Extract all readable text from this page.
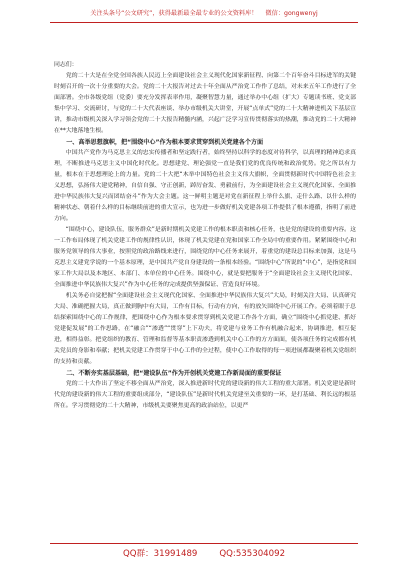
关注头条号“公文研究”，获得最新最全最专业的公文资料库！ 微信：gongwenyj

同志们：

党的二十大是在全党全国各族人民迈上全面建设社会主义现代化国家新征程、向第二个百年奋斗目标进军的关键时刻召开的一次十分重要的大会。党的二十大报告对过去十年全面从严治党工作作了总结，对未来五年工作进行了全面部署。全市各级党组（党委）要充分发挥表率作用，凝聚智慧力量，通过举办中心组（扩大）专题读书班、党支部集中学习、交流研讨，与党的二十大代表座谈、举办市级机关大讲堂，开展“点单式”党的二十大精神进机关下基层宣讲，推动市级机关深入学习领会党的二十大报告精髓内涵，兴起广泛学习宣传贯彻落实的热潮，推动党的二十大精神在**大地落地生根。

一、高举思想旗帜，把“围绕中心”作为根本要求贯穿到机关党建各个方面

中国共产党作为马克思主义的忠实传播者和坚定践行者，始终坚持以科学的态度对待科学，以真理的精神追求真理，不断推进马克思主义中国化时代化。思想建党、理论强党一直是我们党的优良传统和政治优势。党之所以有力量，根本在于思想理论上的力量。党的二十大把“木举中国特色社会主义伟大旗帜，全面贯彻新时代中国特色社会主义思想，弘扬伟大建党精神，自信自强、守正创新，踔厉奋发、勇毅前行，为全面建设社会主义现代化国家、全面推进中华民族伟大复兴而团结奋斗”作为大会主题。这一鲜明主题是对党在新征程上举什么旗、走什么路、以什么样的精神状态、朝着什么样的目标继续前进的重大宣示，也为进一步做好机关党建各项工作提供了根本遵循，指明了前进方向。

“围绕中心，建设队伍，服务群众”是新时期机关党建工作的根本职责和核心任务，也是党的建设的重要内容。这一工作布局体现了机关党建工作的规律性认识，体现了机关党建在党和国家工作全局中的重要作用。紧紧围绕中心和服务党领导的伟大事业，按照党的政治路线来进行，围绕党的中心任务来展开，着重党的建设总目标来加强，这是马克思主义建党学说的一个基本原理，是中国共产党自身建设的一条根本经验。“围绕中心”所说的“中心”，是指党和国家工作大局以及本地区、本部门、本单位的中心任务。围绕中心，就是要把服务于“全面建设社会主义现代化国家、全面推进中华民族伟大复兴”作为中心任务的完成提供坚强保证、营造良好环境。

机关务必自觉把握“全面建设社会主义现代化国家、全面推进中华民族伟大复兴”大局，时刻关注大局、认真研究大局、准确把握大局，真正做到胸中有大局，工作有目标，行动有方向，有的放矢围绕中心开展工作。必须着眼于总结探索围绕中心的工作规律，把围绕中心作为根本要求贯穿到机关党建工作各个方面，确立“围绕中心抓党建、抓好党建促发展”的工作思路，在“融合”“渗透”“贯穿”上下功夫，将党建与业务工作有机融合起来，协调推进，相互促进，相得益彰。把党组织的教育、管理和监督等基本职责渗透到机关中心工作的方方面面，使各项任务的完成都有机关党员的身影和奉献；把机关党建工作贯穿于中心工作的全过程，使中心工作取得的每一项进展都凝聚着机关党组织的支持和贡献。

二、不断夯实基层基础，把“建设队伍”作为开创机关党建工作新局面的重要保证

党的二十大作出了坚定不移全面从严治党，深入推进新时代党的建设新的伟大工程的重大部署。机关党建是新时代党的建设新的伟大工程的重要组成部分，“建设队伍”是新时代机关党建至关重要的一环，是打基础、利长远的根基所在。学习贯彻党的二十大精神，市级机关要聚焦更高的政治站位，以更严

QQ群：31991489	QQ:535304092
